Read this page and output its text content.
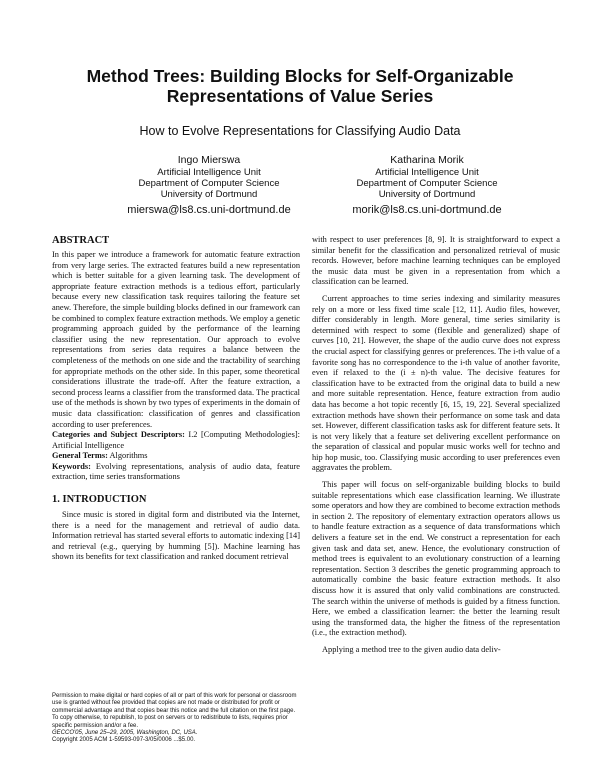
Method Trees: Building Blocks for Self-Organizable Representations of Value Series
How to Evolve Representations for Classifying Audio Data
Ingo Mierswa
Artificial Intelligence Unit
Department of Computer Science
University of Dortmund
mierswa@ls8.cs.uni-dortmund.de
Katharina Morik
Artificial Intelligence Unit
Department of Computer Science
University of Dortmund
morik@ls8.cs.uni-dortmund.de
ABSTRACT

In this paper we introduce a framework for automatic feature extraction from very large series. The extracted features build a new representation which is better suitable for a given learning task. The development of appropriate feature extraction methods is a tedious effort, particularly because every new classification task requires tailoring the feature set anew. Therefore, the simple building blocks defined in our framework can be combined to complex feature extraction methods. We employ a genetic programming approach guided by the performance of the learning classifier using the new representation. Our approach to evolve representations from series data requires a balance between the completeness of the methods on one side and the tractability of searching for appropriate methods on the other side. In this paper, some theoretical considerations illustrate the trade-off. After the feature extraction, a second process learns a classifier from the transformed data. The practical use of the methods is shown by two types of experiments in the domain of music data classification: classification of genres and classification according to user preferences.

Categories and Subject Descriptors: I.2 [Computing Methodologies]: Artificial Intelligence

General Terms: Algorithms

Keywords: Evolving representations, analysis of audio data, feature extraction, time series transformations

1. INTRODUCTION

Since music is stored in digital form and distributed via the Internet, there is a need for the management and retrieval of audio data. Information retrieval has started several efforts to automatic indexing [14] and retrieval (e.g., querying by humming [5]). Machine learning has shown its benefits for text classification and ranked document retrieval

with respect to user preferences [8, 9]. It is straightforward to expect a similar benefit for the classification and personalized retrieval of music records. However, before machine learning techniques can be employed the music data must be given in a representation from which a classification can be learned.

Current approaches to time series indexing and similarity measures rely on a more or less fixed time scale [12, 11]. Audio files, however, differ considerably in length. More general, time series similarity is determined with respect to some (flexible and generalized) shape of curves [10, 21]. However, the shape of the audio curve does not express the crucial aspect for classifying genres or preferences. The i-th value of a favorite song has no correspondence to the i-th value of another favorite, even if relaxed to the (i ± n)-th value. The decisive features for classification have to be extracted from the original data to build a new and more suitable representation. Hence, feature extraction from audio data has become a hot topic recently [6, 15, 19, 22]. Several specialized extraction methods have shown their performance on some task and data set. However, different classification tasks ask for different feature sets. It is not very likely that a feature set delivering excellent performance on the separation of classical and popular music works well for techno and hip hop music, too. Classifying music according to user preferences even aggravates the problem.

This paper will focus on self-organizable building blocks to build suitable representations which ease classification learning. We illustrate some operators and how they are combined to become extraction methods in section 2. The repository of elementary extraction operators allows us to handle feature extraction as a sequence of data transformations which delivers a feature set in the end. We construct a representation for each given task and data set, anew. Hence, the evolutionary construction of method trees is equivalent to an evolutionary construction of a learning representation. Section 3 describes the genetic programming approach to automatically combine the basic feature extraction methods. It also discuss how it is assured that only valid combinations are constructed. The search within the universe of methods is guided by a fitness function. Here, we embed a classification learner: the better the learning result using the transformed data, the higher the fitness of the representation (i.e., the extraction method).

Applying a method tree to the given audio data deliv-

Permission to make digital or hard copies of all or part of this work for personal or classroom use is granted without fee provided that copies are not made or distributed for profit or commercial advantage and that copies bear this notice and the full citation on the first page. To copy otherwise, to republish, to post on servers or to redistribute to lists, requires prior specific permission and/or a fee.

GECCO'05, June 25–29, 2005, Washington, DC, USA.

Copyright 2005 ACM 1-59593-097-3/05/0006 ...$5.00.
